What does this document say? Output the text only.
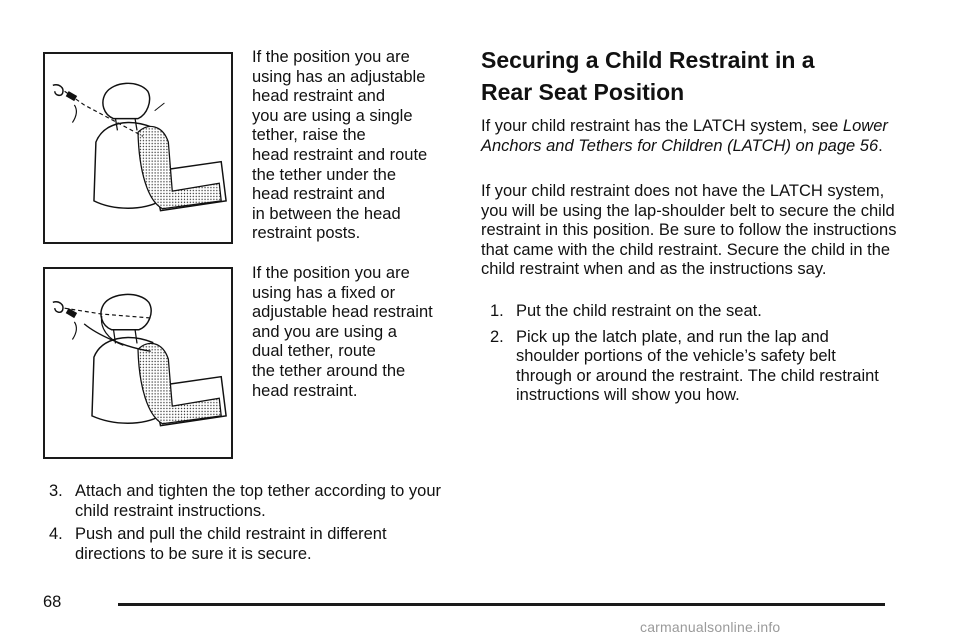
If the position you are
using has an adjustable
head restraint and
you are using a single
tether, raise the
head restraint and route
the tether under the
head restraint and
in between the head
restraint posts.
If the position you are
using has a fixed or
adjustable head restraint
and you are using a
dual tether, route
the tether around the
head restraint.
3. Attach and tighten the top tether according to your child restraint instructions.
4. Push and pull the child restraint in different directions to be sure it is secure.
Securing a Child Restraint in a
Rear Seat Position
If your child restraint has the LATCH system, see Lower Anchors and Tethers for Children (LATCH) on page 56.
If your child restraint does not have the LATCH system, you will be using the lap-shoulder belt to secure the child restraint in this position. Be sure to follow the instructions that came with the child restraint. Secure the child in the child restraint when and as the instructions say.
1. Put the child restraint on the seat.
2. Pick up the latch plate, and run the lap and shoulder portions of the vehicle’s safety belt through or around the restraint. The child restraint instructions will show you how.
68
carmanualsonline.info
